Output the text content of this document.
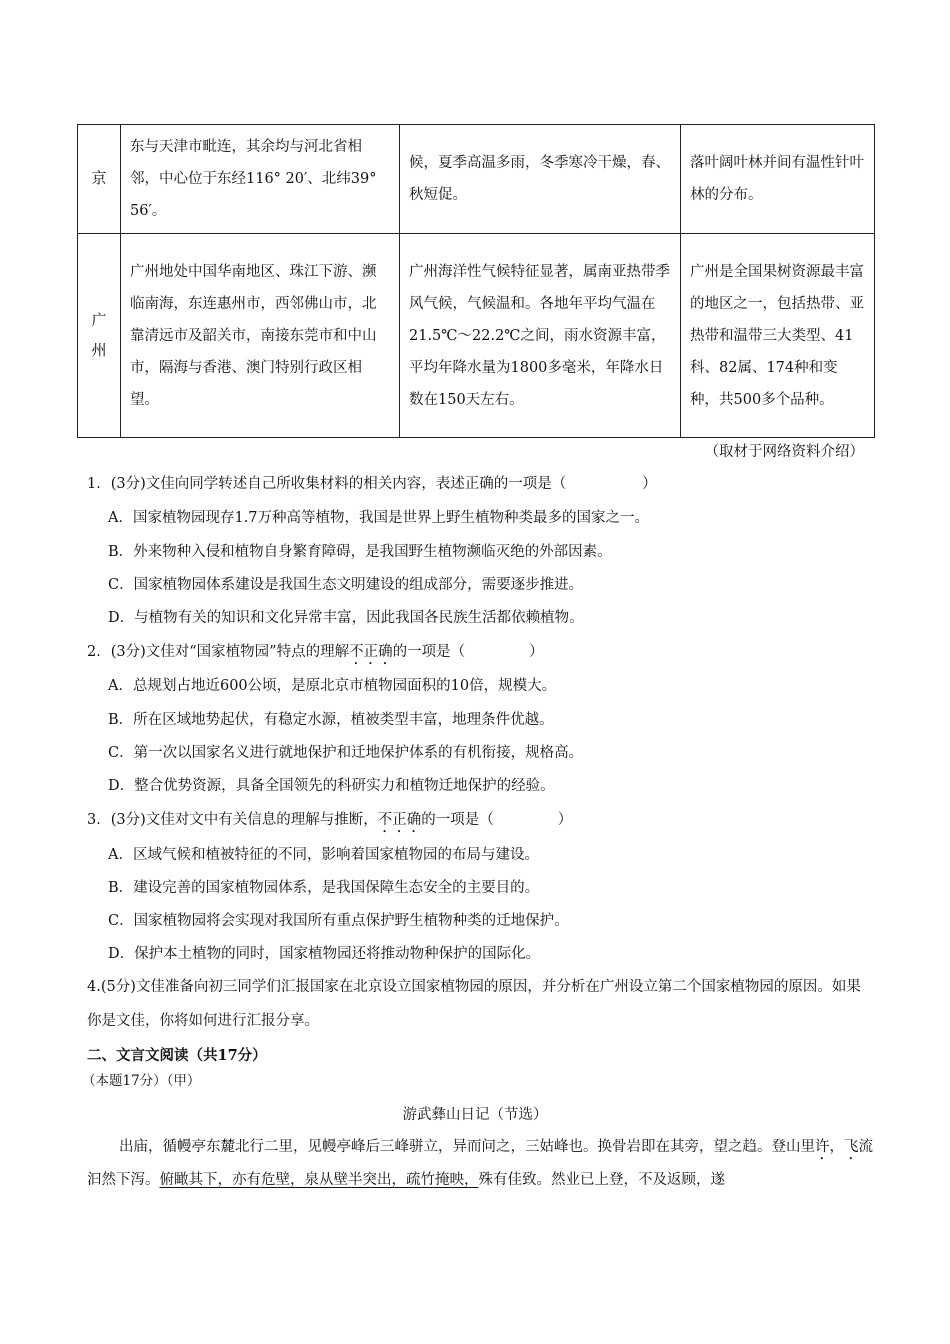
京	东与天津市毗连，其余均与河北省相邻，中心位于东经116° 20′、北纬39° 56′。	候，夏季高温多雨，冬季寒冷干燥，春、秋短促。	落叶阔叶林并间有温性针叶林的分布。
广州	广州地处中国华南地区、珠江下游、濒临南海，东连惠州市，西邻佛山市，北靠清远市及韶关市，南接东莞市和中山市，隔海与香港、澳门特别行政区相望。	广州海洋性气候特征显著，属南亚热带季风气候，气候温和。各地年平均气温在21.5℃～22.2℃之间，雨水资源丰富，平均年降水量为1800多毫米，年降水日数在150天左右。	广州是全国果树资源最丰富的地区之一，包括热带、亚热带和温带三大类型、41科、82属、174种和变种，共500多个品种。
（取材于网络资料介绍）
1．(3分)文佳向同学转述自己所收集材料的相关内容，表述正确的一项是（	）
A．国家植物园现存1.7万种高等植物，我国是世界上野生植物种类最多的国家之一。
B．外来物种入侵和植物自身繁育障碍，是我国野生植物濒临灭绝的外部因素。
C．国家植物园体系建设是我国生态文明建设的组成部分，需要逐步推进。
D．与植物有关的知识和文化异常丰富，因此我国各民族生活都依赖植物。
2．(3分)文佳对“国家植物园”特点的理解不正确的一项是（	）
A．总规划占地近600公顷，是原北京市植物园面积的10倍，规模大。
B．所在区域地势起伏，有稳定水源，植被类型丰富，地理条件优越。
C．第一次以国家名义进行就地保护和迁地保护体系的有机衔接，规格高。
D．整合优势资源，具备全国领先的科研实力和植物迁地保护的经验。
3．(3分)文佳对文中有关信息的理解与推断，不正确的一项是（	）
A．区域气候和植被特征的不同，影响着国家植物园的布局与建设。
B．建设完善的国家植物园体系，是我国保障生态安全的主要目的。
C．国家植物园将会实现对我国所有重点保护野生植物种类的迁地保护。
D．保护本土植物的同时，国家植物园还将推动物种保护的国际化。
4.(5分)文佳准备向初三同学们汇报国家在北京设立国家植物园的原因，并分析在广州设立第二个国家植物园的原因。如果你是文佳，你将如何进行汇报分享。
二、文言文阅读（共17分）
（本题17分）（甲）
游武彝山日记（节选）
出庙，循幔亭东麓北行二里，见幔亭峰后三峰骈立，异而问之，三姑峰也。换骨岩即在其旁，望之趋。登山里许，飞流汩然下泻。俯瞰其下，亦有危壁，泉从壁半突出，疏竹掩映，殊有佳致。然业已上登，不及返顾，遂
